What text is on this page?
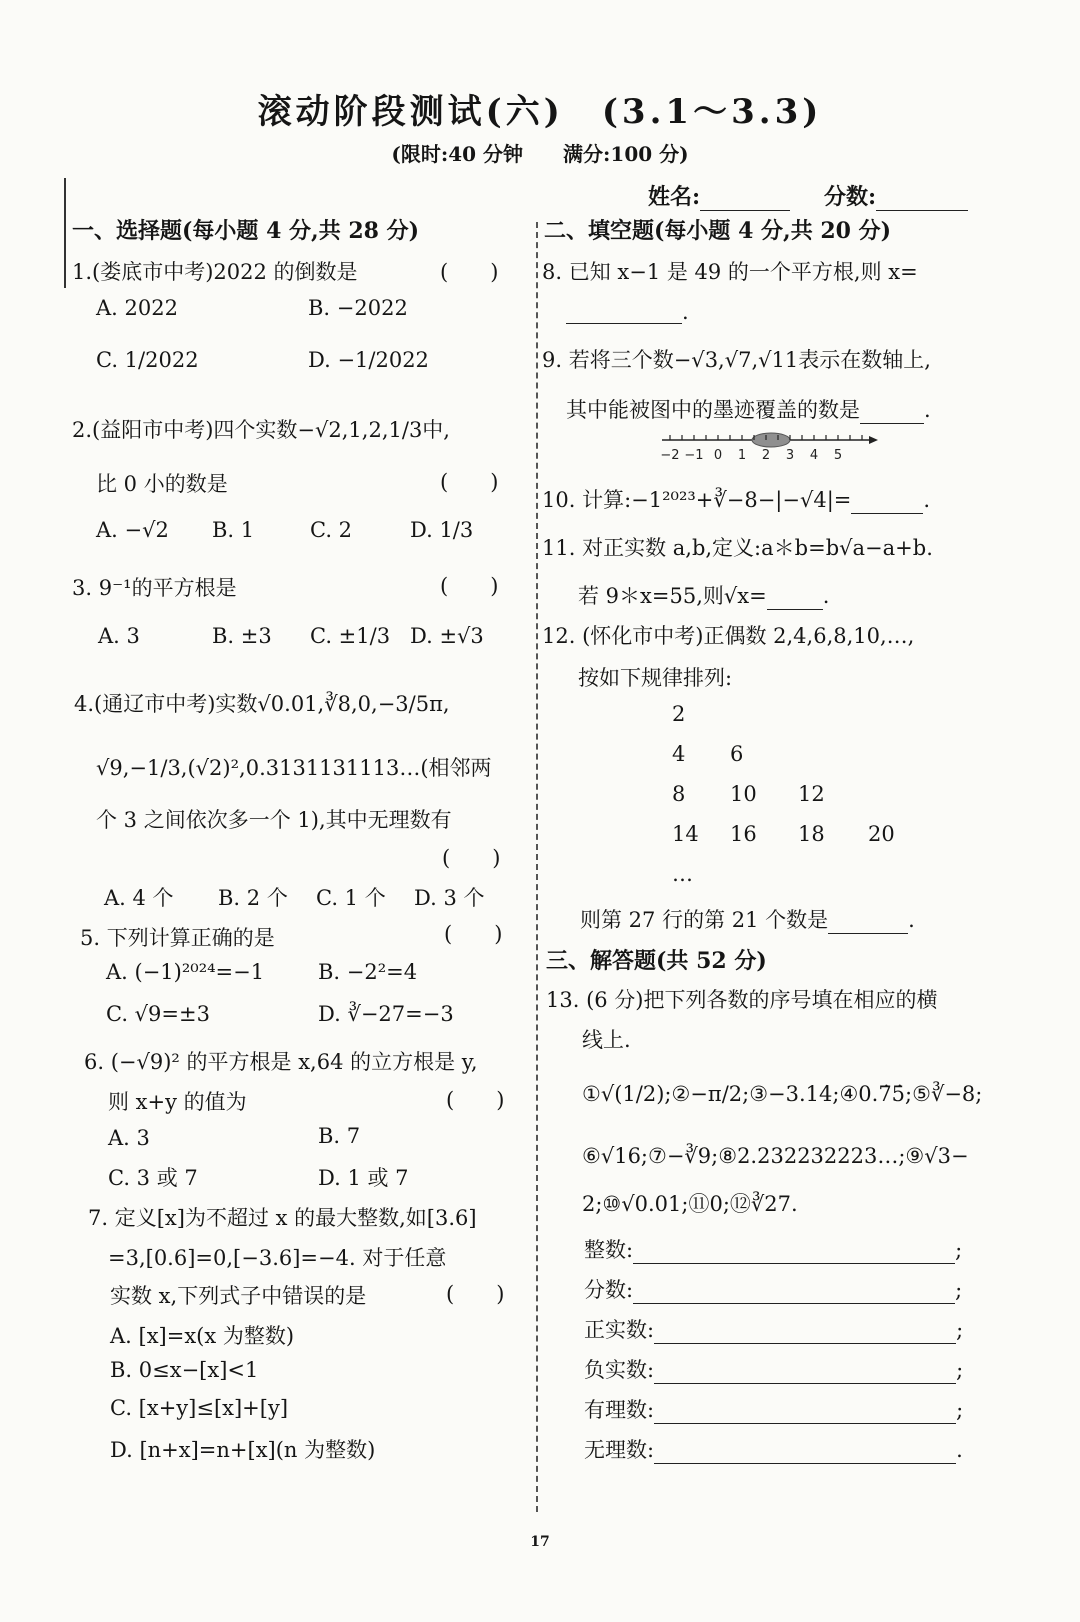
滚动阶段测试(六)　(3.1～3.3)
(限时:40 分钟 满分:100 分)
姓名:	分数:
一、选择题(每小题 4 分,共 28 分)
1.(娄底市中考)2022 的倒数是	(　　)
A. 2022	B. −2022
C. 1/2022	D. −1/2022
2.(益阳市中考)四个实数−√2,1,2,1/3中,
比 0 小的数是	(　　)
A. −√2 B. 1	C. 2	D. 1/3
3. 9⁻¹的平方根是	(　　)
A. 3	B. ±3 C. ±1/3 D. ±√3
4.(通辽市中考)实数√0.01,∛8,0,−3/5π,
√9,−1/3,(√2)²,0.3131131113…(相邻两
个 3 之间依次多一个 1),其中无理数有
(　　)
A. 4 个 B. 2 个 C. 1 个 D. 3 个
5. 下列计算正确的是	(　　)
A. (−1)²⁰²⁴=−1	B. −2²=4
C. √9=±3	D. ∛−27=−3
6. (−√9)² 的平方根是 x,64 的立方根是 y,
则 x+y 的值为	(　　)
A. 3	B. 7
C. 3 或 7	D. 1 或 7
7. 定义[x]为不超过 x 的最大整数,如[3.6]
=3,[0.6]=0,[−3.6]=−4. 对于任意
实数 x,下列式子中错误的是	(　　)
A. [x]=x(x 为整数)
B. 0≤x−[x]<1
C. [x+y]≤[x]+[y]
D. [n+x]=n+[x](n 为整数)
二、填空题(每小题 4 分,共 20 分)
8. 已知 x−1 是 49 的一个平方根,则 x=
.
9. 若将三个数−√3,√7,√11表示在数轴上,
其中能被图中的墨迹覆盖的数是	.
−2 −1 0 1 2 3 4 5
10. 计算:−1²⁰²³+∛−8−|−√4|=	.
11. 对正实数 a,b,定义:a＊b=b√a−a+b.
若 9＊x=55,则√x=	.
12. (怀化市中考)正偶数 2,4,6,8,10,…,
按如下规律排列:
2
4 6
8 10 12
14 16 18 20
…
则第 27 行的第 21 个数是	.
三、解答题(共 52 分)
13. (6 分)把下列各数的序号填在相应的横
线上.
①√(1/2);②−π/2;③−3.14;④0.7̇5̇;⑤∛−8;
⑥√16;⑦−∛9;⑧2.232232223…;⑨√3−
2;⑩√0.01;⑪0;⑫∛27.
整数:	;
分数:	;
正实数:	;
负实数:	;
有理数:	;
无理数:	.
17
